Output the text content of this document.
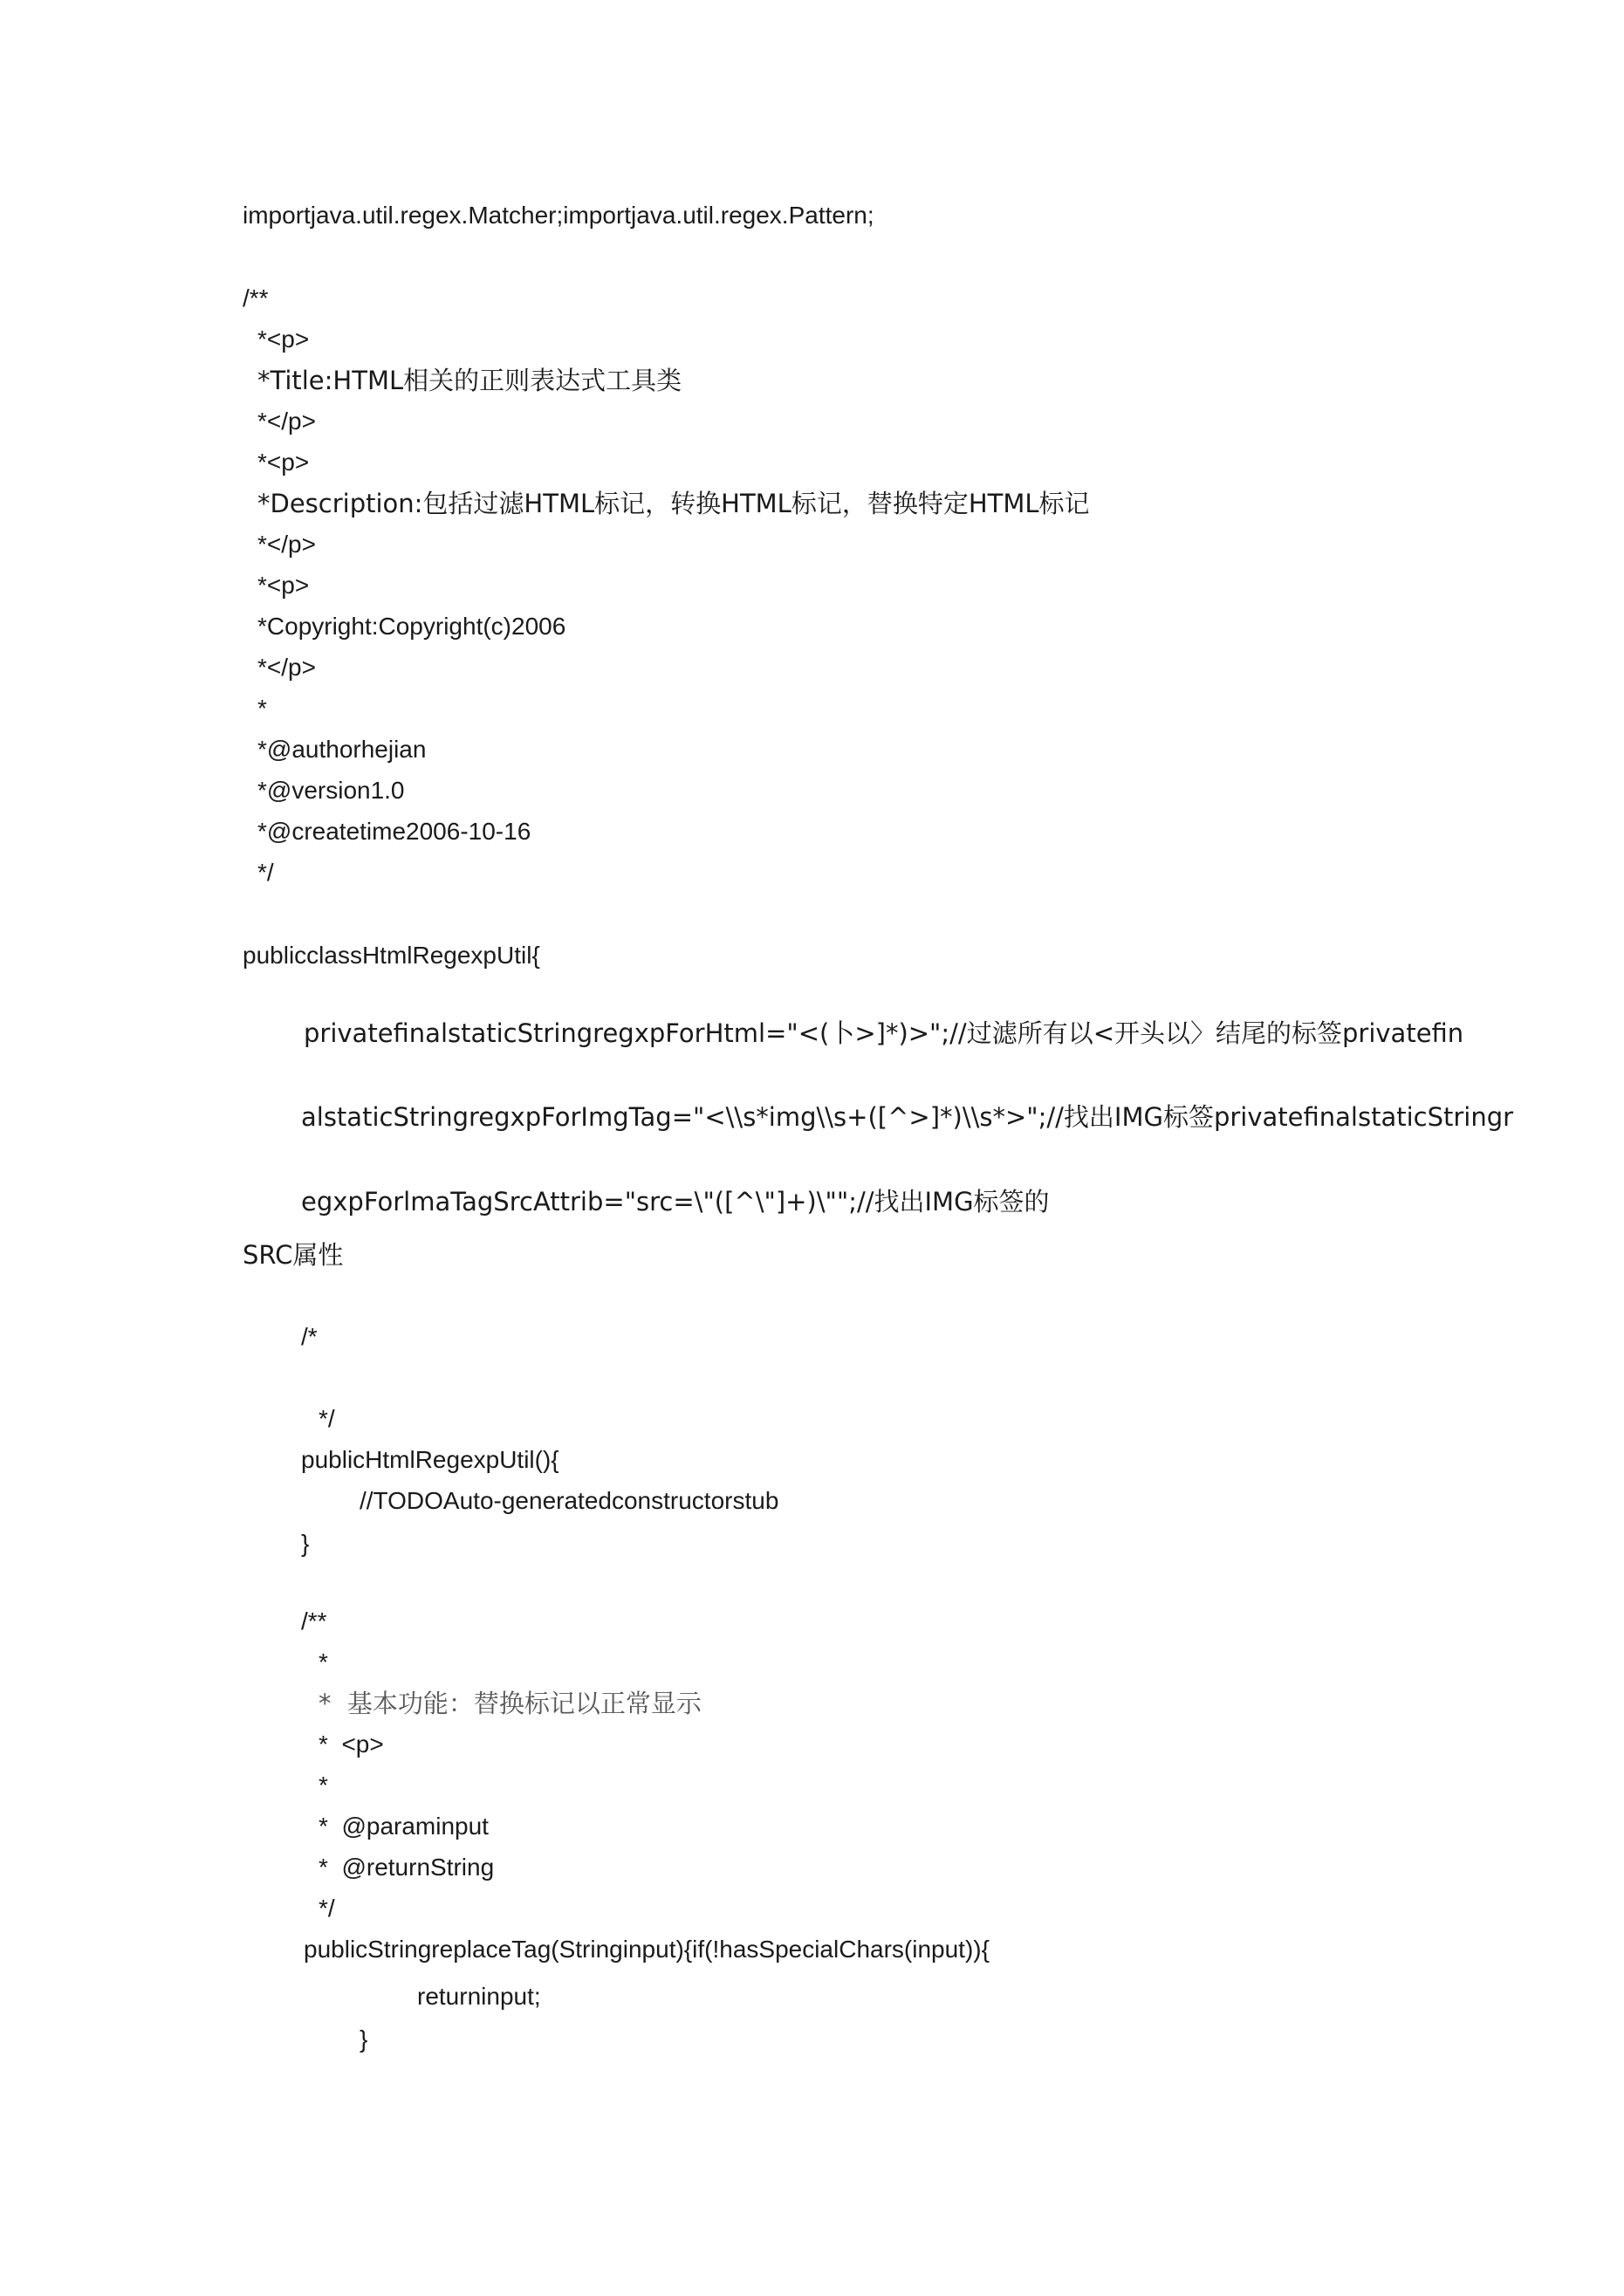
importjava.util.regex.Matcher;importjava.util.regex.Pattern;
/**
*<p>
*Title:HTML相关的正则表达式工具类
*</p>
*<p>
*Description:包括过滤HTML标记，转换HTML标记，替换特定HTML标记
*</p>
*<p>
*Copyright:Copyright(c)2006
*</p>
*
*@authorhejian
*@version1.0
*@createtime2006-10-16
*/
publicclassHtmlRegexpUtil{
privatefinalstaticStringregxpForHtml="<(卜>]*)>";//过滤所有以<开头以〉结尾的标签privatefin
alstaticStringregxpForImgTag="<\\s*img\\s+([^>]*)\\s*>";//找出IMG标签privatefinalstaticStringr
egxpForlmaTagSrcAttrib="src=\"([^\"]+)\"";//找出IMG标签的
SRC属性
/*
*/
publicHtmlRegexpUtil(){
//TODOAuto-generatedconstructorstub
}
/**
*
*  基本功能：替换标记以正常显示
*  <p>
*
*  @paraminput
*  @returnString
*/
publicStringreplaceTag(Stringinput){if(!hasSpecialChars(input)){
returninput;
}
